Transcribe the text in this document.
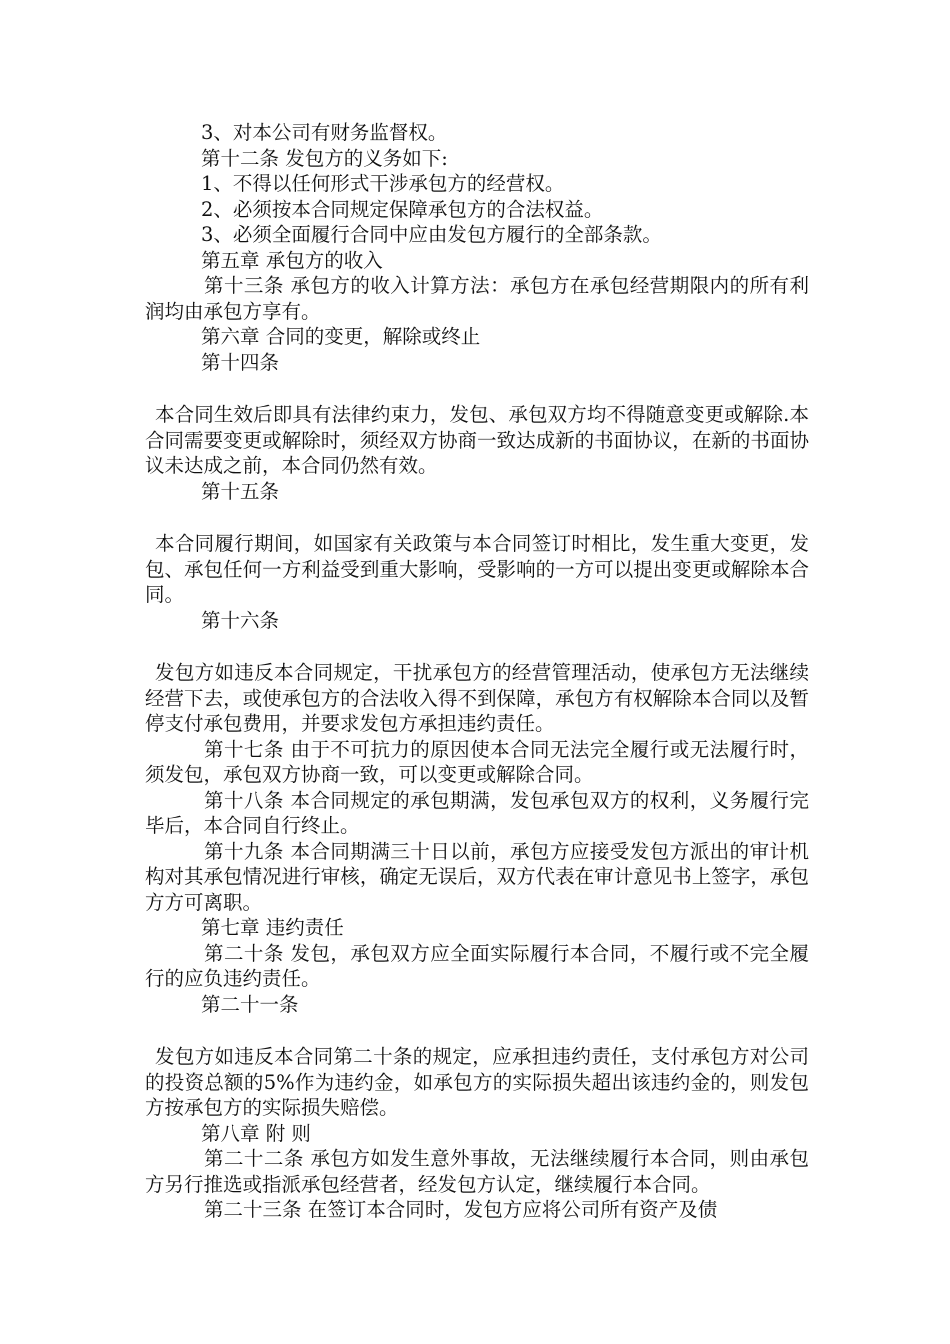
3、对本公司有财务监督权。

第十二条 发包方的义务如下:

1、不得以任何形式干涉承包方的经营权。

2、必须按本合同规定保障承包方的合法权益。

3、必须全面履行合同中应由发包方履行的全部条款。

第五章 承包方的收入

第十三条 承包方的收入计算方法：承包方在承包经营期限内的所有利润均由承包方享有。

第六章 合同的变更，解除或终止

第十四条

本合同生效后即具有法律约束力，发包、承包双方均不得随意变更或解除.本合同需要变更或解除时，须经双方协商一致达成新的书面协议，在新的书面协议未达成之前，本合同仍然有效。

第十五条

本合同履行期间，如国家有关政策与本合同签订时相比，发生重大变更，发包、承包任何一方利益受到重大影响，受影响的一方可以提出变更或解除本合同。

第十六条

发包方如违反本合同规定，干扰承包方的经营管理活动，使承包方无法继续经营下去，或使承包方的合法收入得不到保障，承包方有权解除本合同以及暂停支付承包费用，并要求发包方承担违约责任。

第十七条 由于不可抗力的原因使本合同无法完全履行或无法履行时，须发包，承包双方协商一致，可以变更或解除合同。

第十八条 本合同规定的承包期满，发包承包双方的权利，义务履行完毕后，本合同自行终止。

第十九条 本合同期满三十日以前，承包方应接受发包方派出的审计机构对其承包情况进行审核，确定无误后，双方代表在审计意见书上签字，承包方方可离职。

第七章 违约责任

第二十条 发包，承包双方应全面实际履行本合同，不履行或不完全履行的应负违约责任。

第二十一条

发包方如违反本合同第二十条的规定，应承担违约责任，支付承包方对公司的投资总额的5%作为违约金，如承包方的实际损失超出该违约金的，则发包方按承包方的实际损失赔偿。

第八章 附 则

第二十二条 承包方如发生意外事故，无法继续履行本合同，则由承包方另行推选或指派承包经营者，经发包方认定，继续履行本合同。

第二十三条 在签订本合同时，发包方应将公司所有资产及债
